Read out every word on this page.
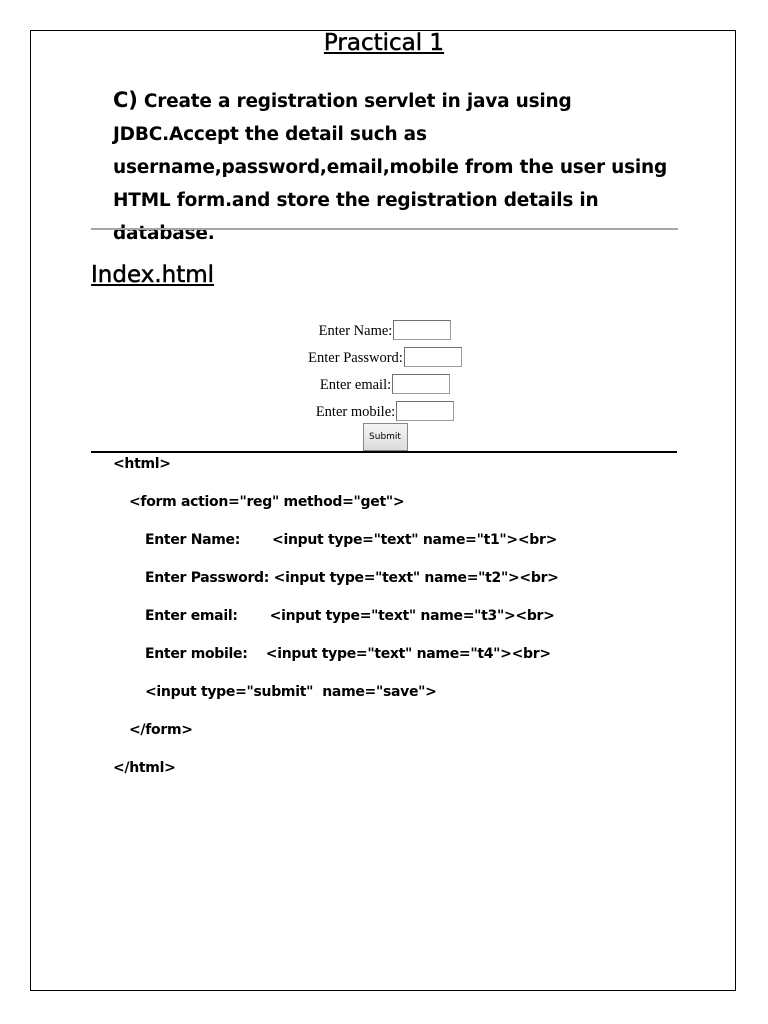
Practical 1

C) Create a registration servlet in java using JDBC.Accept the detail such as username,password,email,mobile from the user using HTML form.and store the registration details in database.

Index.html
Enter Name:
Enter Password:
Enter email:
Enter mobile:
Submit
<html>
<form action="reg" method="get">
Enter Name:       <input type="text" name="t1"><br>
Enter Password: <input type="text" name="t2"><br>
Enter email:       <input type="text" name="t3"><br>
Enter mobile:    <input type="text" name="t4"><br>
<input type="submit"  name="save">
</form>
</html>
